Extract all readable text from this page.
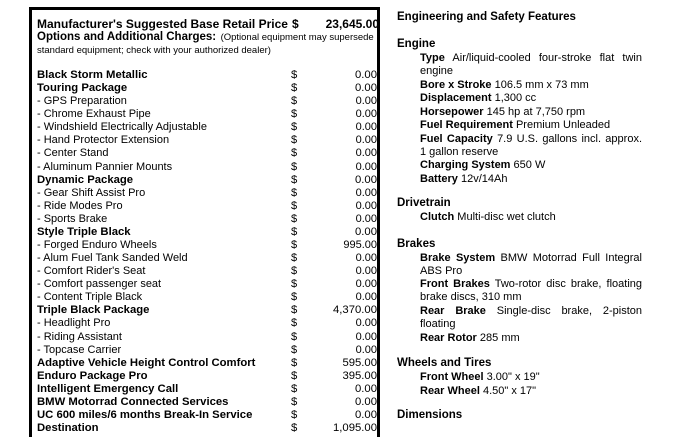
Manufacturer's Suggested Base Retail Price $ 23,645.00
Options and Additional Charges: (Optional equipment may supersede standard equipment; check with your authorized dealer)
Black Storm Metallic	$	0.00
Touring Package	$	0.00
- GPS Preparation	$	0.00
- Chrome Exhaust Pipe	$	0.00
- Windshield Electrically Adjustable	$	0.00
- Hand Protector Extension	$	0.00
- Center Stand	$	0.00
- Aluminum Pannier Mounts	$	0.00
Dynamic Package	$	0.00
- Gear Shift Assist Pro	$	0.00
- Ride Modes Pro	$	0.00
- Sports Brake	$	0.00
Style Triple Black	$	0.00
- Forged Enduro Wheels	$	995.00
- Alum Fuel Tank Sanded Weld	$	0.00
- Comfort Rider's Seat	$	0.00
- Comfort passenger seat	$	0.00
- Content Triple Black	$	0.00
Triple Black Package	$	4,370.00
- Headlight Pro	$	0.00
- Riding Assistant	$	0.00
- Topcase Carrier	$	0.00
Adaptive Vehicle Height Control Comfort	$	595.00
Enduro Package Pro	$	395.00
Intelligent Emergency Call	$	0.00
BMW Motorrad Connected Services	$	0.00
UC 600 miles/6 months Break-In Service	$	0.00
Destination	$	1,095.00
Engineering and Safety Features
Engine
Type Air/liquid-cooled four-stroke flat twin engine
Bore x Stroke 106.5 mm x 73 mm
Displacement 1,300 cc
Horsepower 145 hp at 7,750 rpm
Fuel Requirement Premium Unleaded
Fuel Capacity 7.9 U.S. gallons incl. approx. 1 gallon reserve
Charging System 650 W
Battery 12v/14Ah
Drivetrain
Clutch Multi-disc wet clutch
Brakes
Brake System BMW Motorrad Full Integral ABS Pro
Front Brakes Two-rotor disc brake, floating brake discs, 310 mm
Rear Brake Single-disc brake, 2-piston floating
Rear Rotor 285 mm
Wheels and Tires
Front Wheel 3.00" x 19"
Rear Wheel 4.50" x 17"
Dimensions
